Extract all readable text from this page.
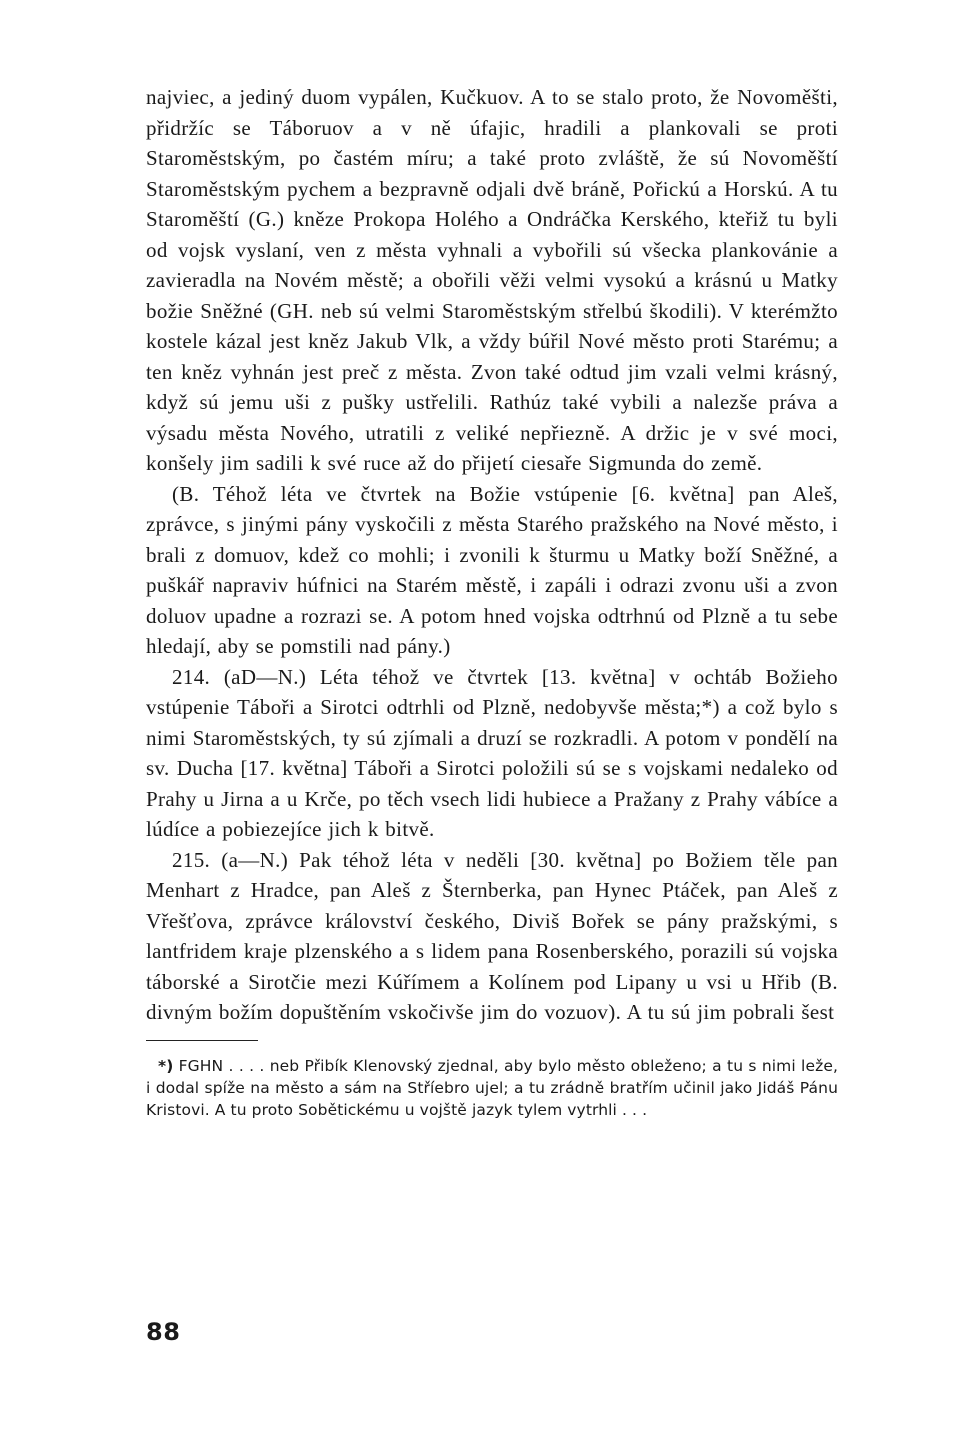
najviec, a jediný duom vypálen, Kučkuov. A to se stalo proto, že Novoměšti, přidržíc se Táboruov a v ně úfajic, hradili a plankovali se proti Staroměstským, po častém míru; a také proto zvláště, že sú Novoměští Staroměstským pychem a bezpravně odjali dvě bráně, Pořickú a Horskú. A tu Staroměští (G.) kněze Prokopa Holého a Ondráčka Kerského, kteřiž tu byli od vojsk vyslaní, ven z města vyhnali a vybořili sú všecka plankovánie a zavieradla na Novém městě; a obořili věži velmi vysokú a krásnú u Matky božie Sněžné (GH. neb sú velmi Staroměstským střelbú škodili). V kterémžto kostele kázal jest kněz Jakub Vlk, a vždy búřil Nové město proti Starému; a ten kněz vyhnán jest preč z města. Zvon také odtud jim vzali velmi krásný, když sú jemu uši z pušky ustřelili. Rathúz také vybili a nalezše práva a výsadu města Nového, utratili z veliké nepřiezně. A držic je v své moci, konšely jim sadili k své ruce až do přijetí ciesaře Sigmunda do země.

(B. Téhož léta ve čtvrtek na Božie vstúpenie [6. května] pan Aleš, zprávce, s jinými pány vyskočili z města Starého pražského na Nové město, i brali z domuov, kdež co mohli; i zvonili k šturmu u Matky boží Sněžné, a puškář napraviv húfnici na Starém městě, i zapáli i odrazi zvonu uši a zvon doluov upadne a rozrazi se. A potom hned vojska odtrhnú od Plzně a tu sebe hledají, aby se pomstili nad pány.)

214. (aD—N.) Léta téhož ve čtvrtek [13. května] v ochtáb Božieho vstúpenie Táboři a Sirotci odtrhli od Plzně, nedobyvše města;*) a což bylo s nimi Staroměstských, ty sú zjímali a druzí se rozkradli. A potom v pondělí na sv. Ducha [17. května] Táboři a Sirotci položili sú se s vojskami nedaleko od Prahy u Jirna a u Krče, po těch vsech lidi hubiece a Pražany z Prahy vábíce a lúdíce a pobiezejíce jich k bitvě.

215. (a—N.) Pak téhož léta v neděli [30. května] po Božiem těle pan Menhart z Hradce, pan Aleš z Šternberka, pan Hynec Ptáček, pan Aleš z Vřešťova, zprávce království českého, Diviš Bořek se pány pražskými, s lantfridem kraje plzenského a s lidem pana Rosenberského, porazili sú vojska táborské a Sirotčie mezi Kúřímem a Kolínem pod Lipany u vsi u Hřib (B. divným božím dopuštěním vskočivše jim do vozuov). A tu sú jim pobrali šest

*) FGHN . . . . neb Přibík Klenovský zjednal, aby bylo město obleženo; a tu s nimi leže, i dodal spíže na město a sám na Stříebro ujel; a tu zrádně bratřím učinil jako Jidáš Pánu Kristovi. A tu proto Sobětickému u vojště jazyk tylem vytrhli . . .

88
